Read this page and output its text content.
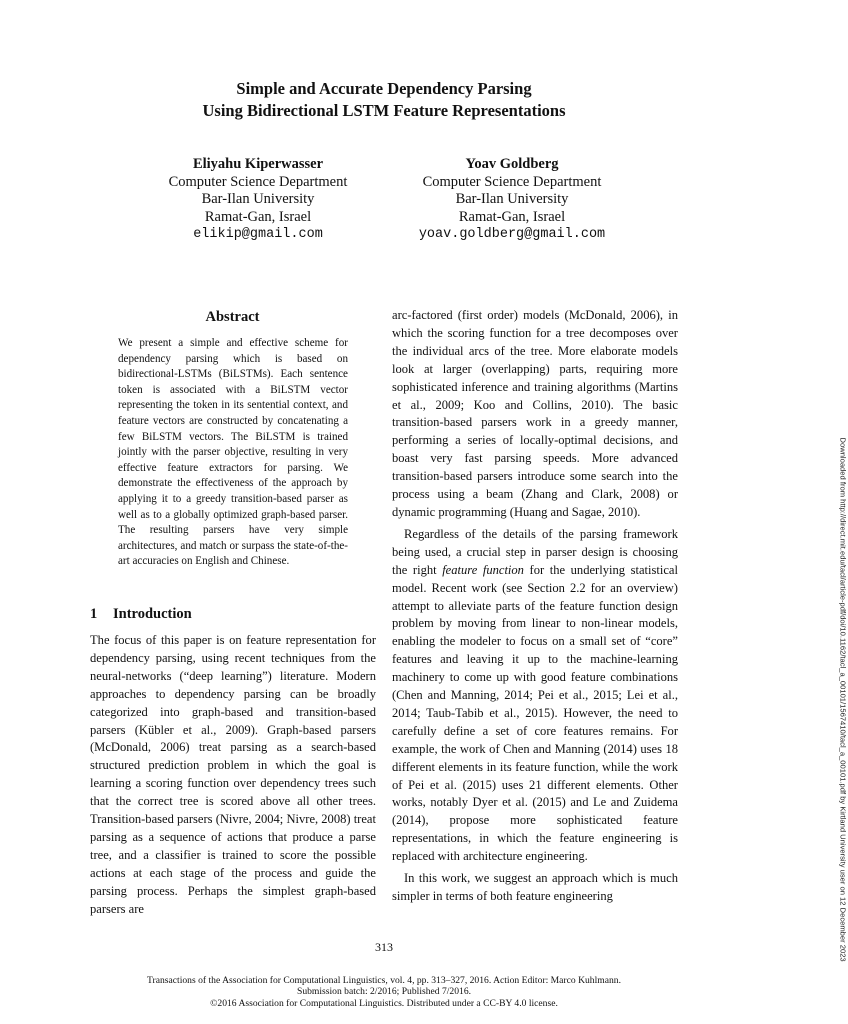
Simple and Accurate Dependency Parsing
Using Bidirectional LSTM Feature Representations
Eliyahu Kiperwasser
Computer Science Department
Bar-Ilan University
Ramat-Gan, Israel
elikip@gmail.com
Yoav Goldberg
Computer Science Department
Bar-Ilan University
Ramat-Gan, Israel
yoav.goldberg@gmail.com
Abstract
We present a simple and effective scheme for dependency parsing which is based on bidirectional-LSTMs (BiLSTMs). Each sentence token is associated with a BiLSTM vector representing the token in its sentential context, and feature vectors are constructed by concatenating a few BiLSTM vectors. The BiLSTM is trained jointly with the parser objective, resulting in very effective feature extractors for parsing. We demonstrate the effectiveness of the approach by applying it to a greedy transition-based parser as well as to a globally optimized graph-based parser. The resulting parsers have very simple architectures, and match or surpass the state-of-the-art accuracies on English and Chinese.
1 Introduction

The focus of this paper is on feature representation for dependency parsing, using recent techniques from the neural-networks (“deep learning”) literature. Modern approaches to dependency parsing can be broadly categorized into graph-based and transition-based parsers (Kübler et al., 2009). Graph-based parsers (McDonald, 2006) treat parsing as a search-based structured prediction problem in which the goal is learning a scoring function over dependency trees such that the correct tree is scored above all other trees. Transition-based parsers (Nivre, 2004; Nivre, 2008) treat parsing as a sequence of actions that produce a parse tree, and a classifier is trained to score the possible actions at each stage of the process and guide the parsing process. Perhaps the simplest graph-based parsers are

arc-factored (first order) models (McDonald, 2006), in which the scoring function for a tree decomposes over the individual arcs of the tree. More elaborate models look at larger (overlapping) parts, requiring more sophisticated inference and training algorithms (Martins et al., 2009; Koo and Collins, 2010). The basic transition-based parsers work in a greedy manner, performing a series of locally-optimal decisions, and boast very fast parsing speeds. More advanced transition-based parsers introduce some search into the process using a beam (Zhang and Clark, 2008) or dynamic programming (Huang and Sagae, 2010).

Regardless of the details of the parsing framework being used, a crucial step in parser design is choosing the right feature function for the underlying statistical model. Recent work (see Section 2.2 for an overview) attempt to alleviate parts of the feature function design problem by moving from linear to non-linear models, enabling the modeler to focus on a small set of “core” features and leaving it up to the machine-learning machinery to come up with good feature combinations (Chen and Manning, 2014; Pei et al., 2015; Lei et al., 2014; Taub-Tabib et al., 2015). However, the need to carefully define a set of core features remains. For example, the work of Chen and Manning (2014) uses 18 different elements in its feature function, while the work of Pei et al. (2015) uses 21 different elements. Other works, notably Dyer et al. (2015) and Le and Zuidema (2014), propose more sophisticated feature representations, in which the feature engineering is replaced with architecture engineering.

In this work, we suggest an approach which is much simpler in terms of both feature engineering

313
Transactions of the Association for Computational Linguistics, vol. 4, pp. 313–327, 2016. Action Editor: Marco Kuhlmann.
Submission batch: 2/2016; Published 7/2016.
©2016 Association for Computational Linguistics. Distributed under a CC-BY 4.0 license.
Downloaded from http://direct.mit.edu/tacl/article-pdf/doi/10.1162/tacl_a_00101/1567410/tacl_a_00101.pdf by Kirtland University user on 12 December 2023
